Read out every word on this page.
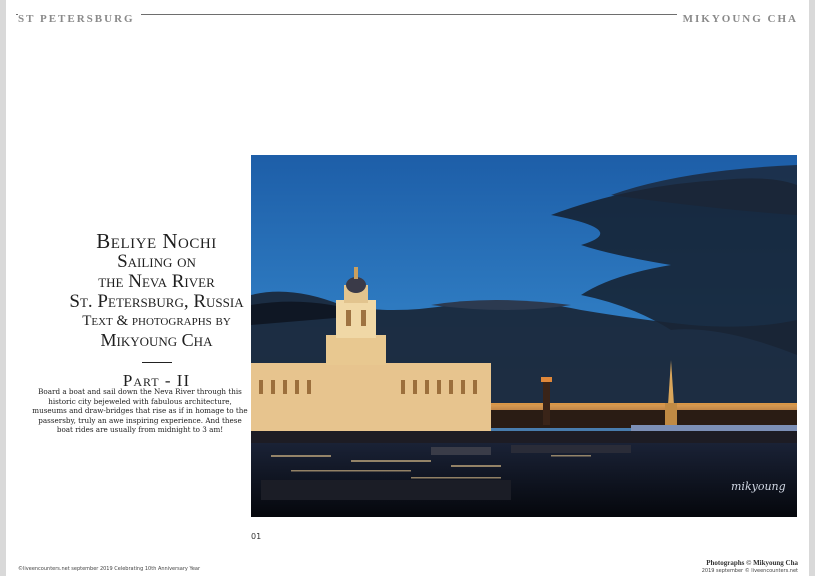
ST PETERSBURG	MIKYOUNG CHA
Beliye Nochi
Sailing on
the Neva River
St. Petersburg, Russia
Text & photographs by
Mikyoung Cha
Part - II
Board a boat and sail down the Neva River through this historic city bejeweled with fabulous architecture, museums and draw-bridges that rise as if in homage to the passersby, truly an awe inspiring experience. And these boat rides are usually from midnight to 3 am!
mikyoung
01
©liveencounters.net september 2019 Celebrating 10th Anniversary Year
Photographs © Mikyoung Cha
2019 september © liveencounters.net
